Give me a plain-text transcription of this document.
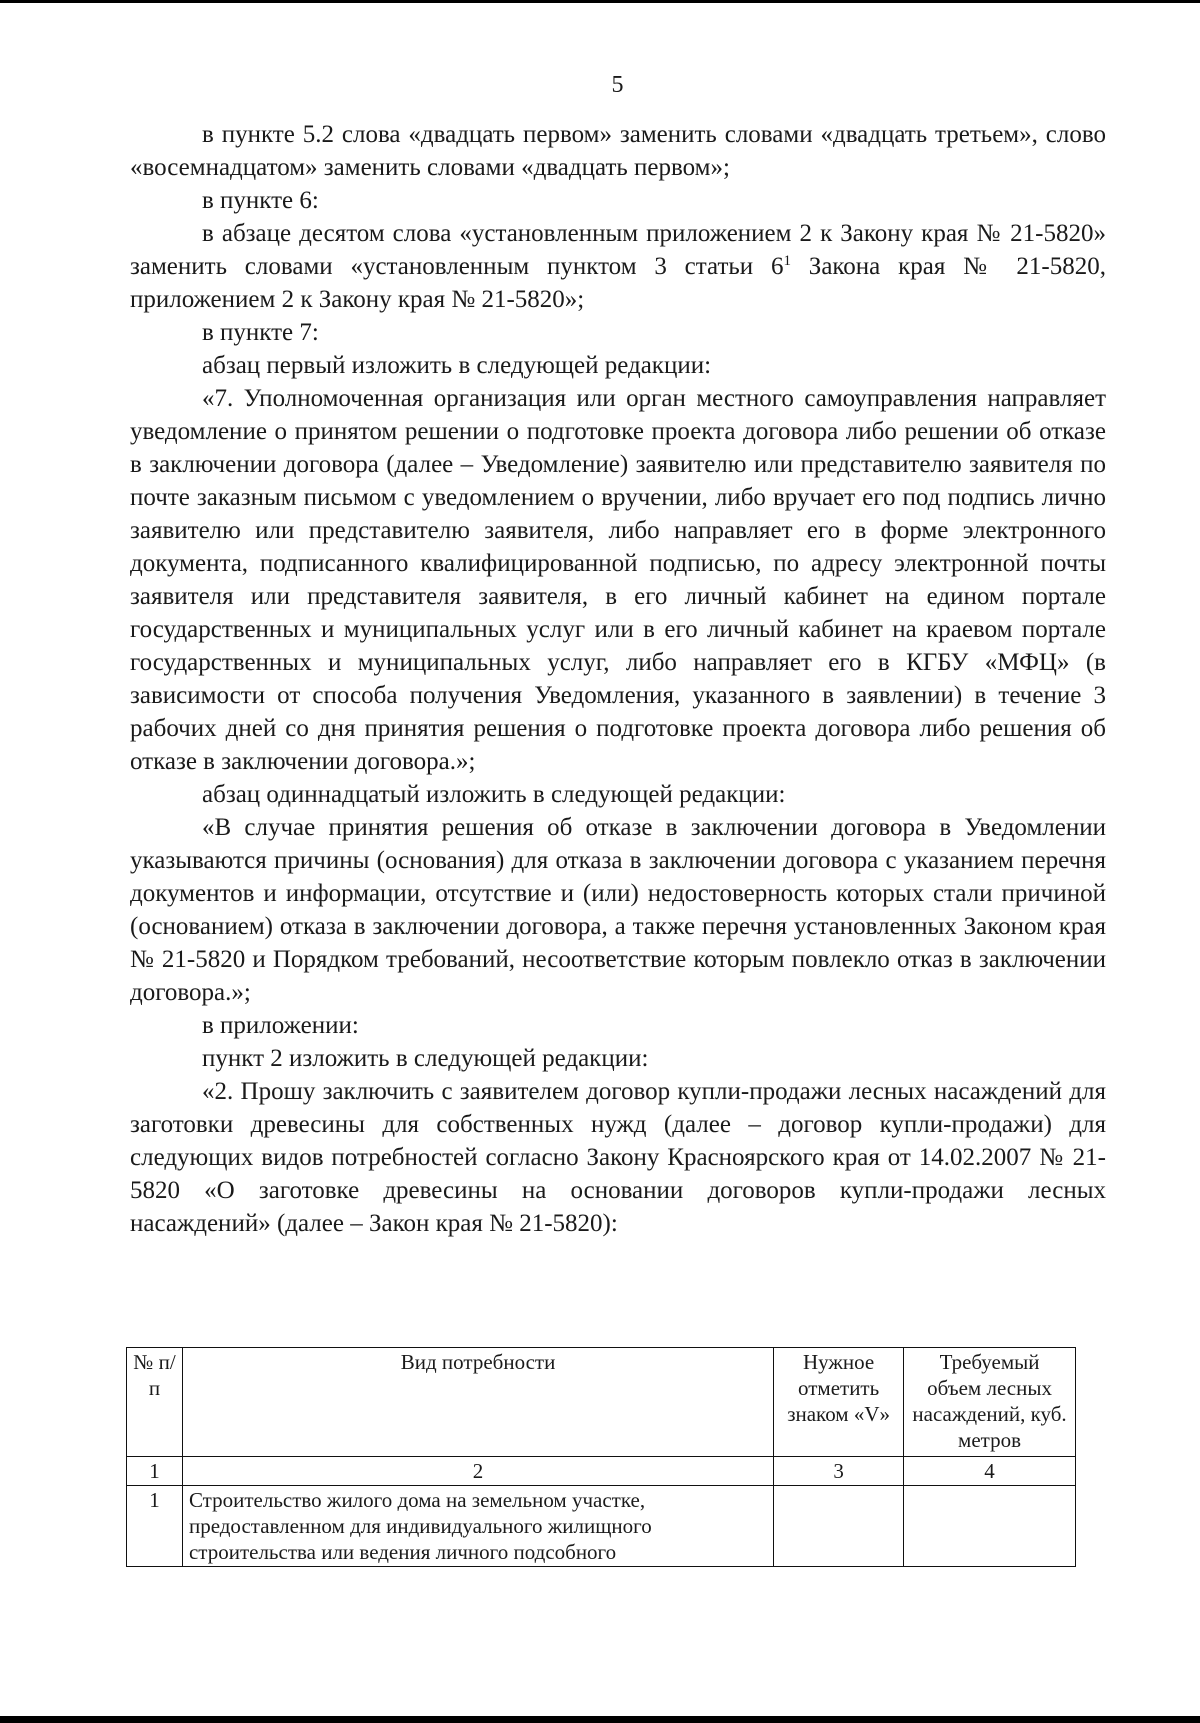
5

в пункте 5.2 слова «двадцать первом» заменить словами «двадцать третьем», слово «восемнадцатом» заменить словами «двадцать первом»;

в пункте 6:

в абзаце десятом слова «установленным приложением 2 к Закону края № 21-5820» заменить словами «установленным пунктом 3 статьи $6^1$ Закона края № 21-5820, приложением 2 к Закону края № 21-5820»;

в пункте 7:

абзац первый изложить в следующей редакции:

«7. Уполномоченная организация или орган местного самоуправления направляет уведомление о принятом решении о подготовке проекта договора либо решении об отказе в заключении договора (далее – Уведомление) заявителю или представителю заявителя по почте заказным письмом с уведомлением о вручении, либо вручает его под подпись лично заявителю или представителю заявителя, либо направляет его в форме электронного документа, подписанного квалифицированной подписью, по адресу электронной почты заявителя или представителя заявителя, в его личный кабинет на едином портале государственных и муниципальных услуг или в его личный кабинет на краевом портале государственных и муниципальных услуг, либо направляет его в КГБУ «МФЦ» (в зависимости от способа получения Уведомления, указанного в заявлении) в течение 3 рабочих дней со дня принятия решения о подготовке проекта договора либо решения об отказе в заключении договора.»;

абзац одиннадцатый изложить в следующей редакции:

«В случае принятия решения об отказе в заключении договора в Уведомлении указываются причины (основания) для отказа в заключении договора с указанием перечня документов и информации, отсутствие и (или) недостоверность которых стали причиной (основанием) отказа в заключении договора, а также перечня установленных Законом края № 21-5820 и Порядком требований, несоответствие которым повлекло отказ в заключении договора.»;

в приложении:

пункт 2 изложить в следующей редакции:

«2. Прошу заключить с заявителем договор купли-продажи лесных насаждений для заготовки древесины для собственных нужд (далее – договор купли-продажи) для следующих видов потребностей согласно Закону Красноярского края от 14.02.2007 № 21-5820 «О заготовке древесины на основании договоров купли-продажи лесных насаждений» (далее – Закон края № 21-5820):

№ п/п	Вид потребности	Нужное отметить знаком «V»	Требуемый объем лесных насаждений, куб. метров
1	2	3	4
1	Строительство жилого дома на земельном участке, предоставленном для индивидуального жилищного строительства или ведения личного подсобного		
